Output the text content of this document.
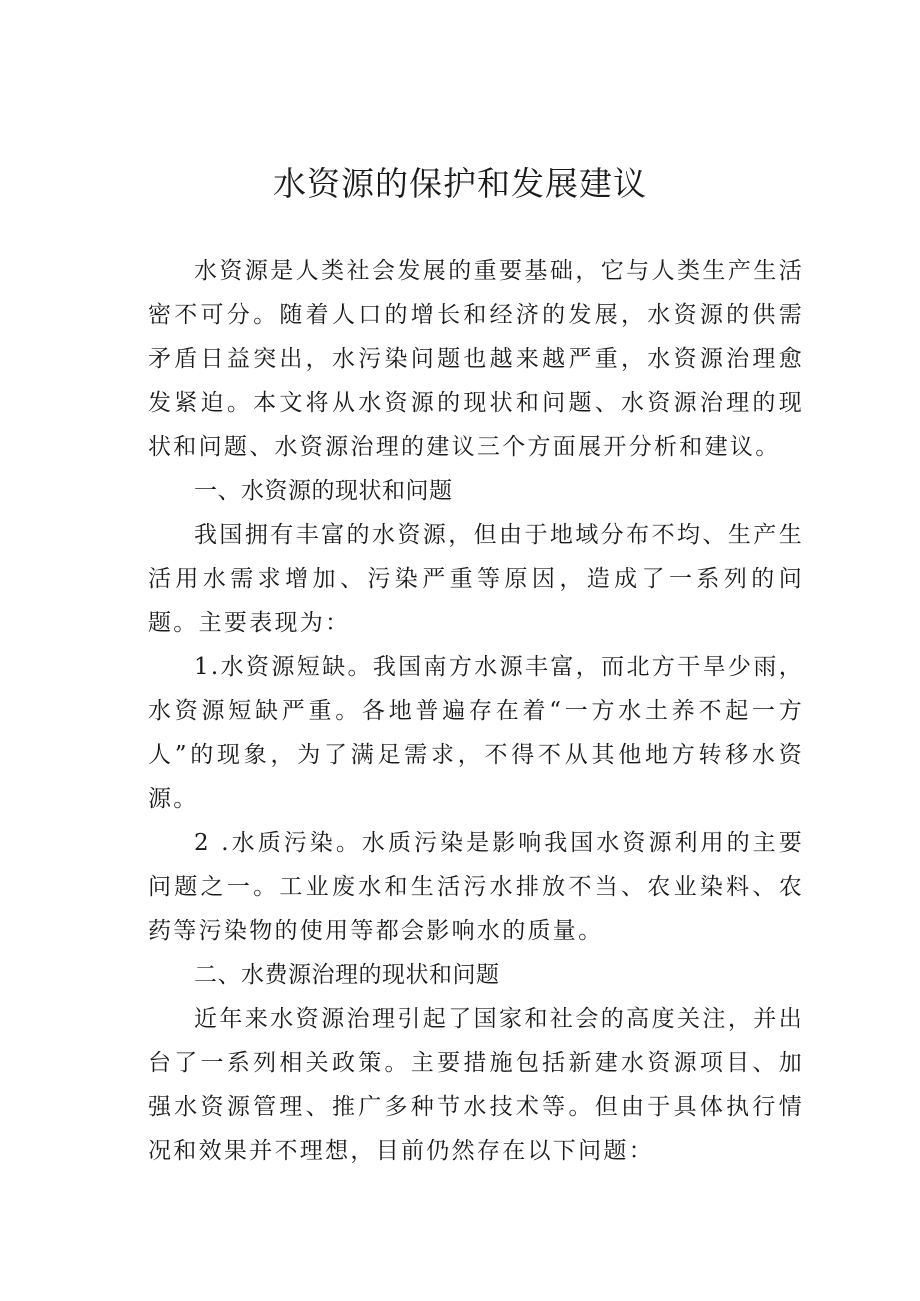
水资源的保护和发展建议

水资源是人类社会发展的重要基础，它与人类生产生活密不可分。随着人口的增长和经济的发展，水资源的供需矛盾日益突出，水污染问题也越来越严重，水资源治理愈发紧迫。本文将从水资源的现状和问题、水资源治理的现状和问题、水资源治理的建议三个方面展开分析和建议。

一、水资源的现状和问题

我国拥有丰富的水资源，但由于地域分布不均、生产生活用水需求增加、污染严重等原因，造成了一系列的问题。主要表现为：

1.水资源短缺。我国南方水源丰富，而北方干旱少雨，水资源短缺严重。各地普遍存在着“一方水土养不起一方人”的现象，为了满足需求，不得不从其他地方转移水资源。

2 .水质污染。水质污染是影响我国水资源利用的主要问题之一。工业废水和生活污水排放不当、农业染料、农药等污染物的使用等都会影响水的质量。

二、水费源治理的现状和问题

近年来水资源治理引起了国家和社会的高度关注，并出台了一系列相关政策。主要措施包括新建水资源项目、加强水资源管理、推广多种节水技术等。但由于具体执行情况和效果并不理想，目前仍然存在以下问题：
